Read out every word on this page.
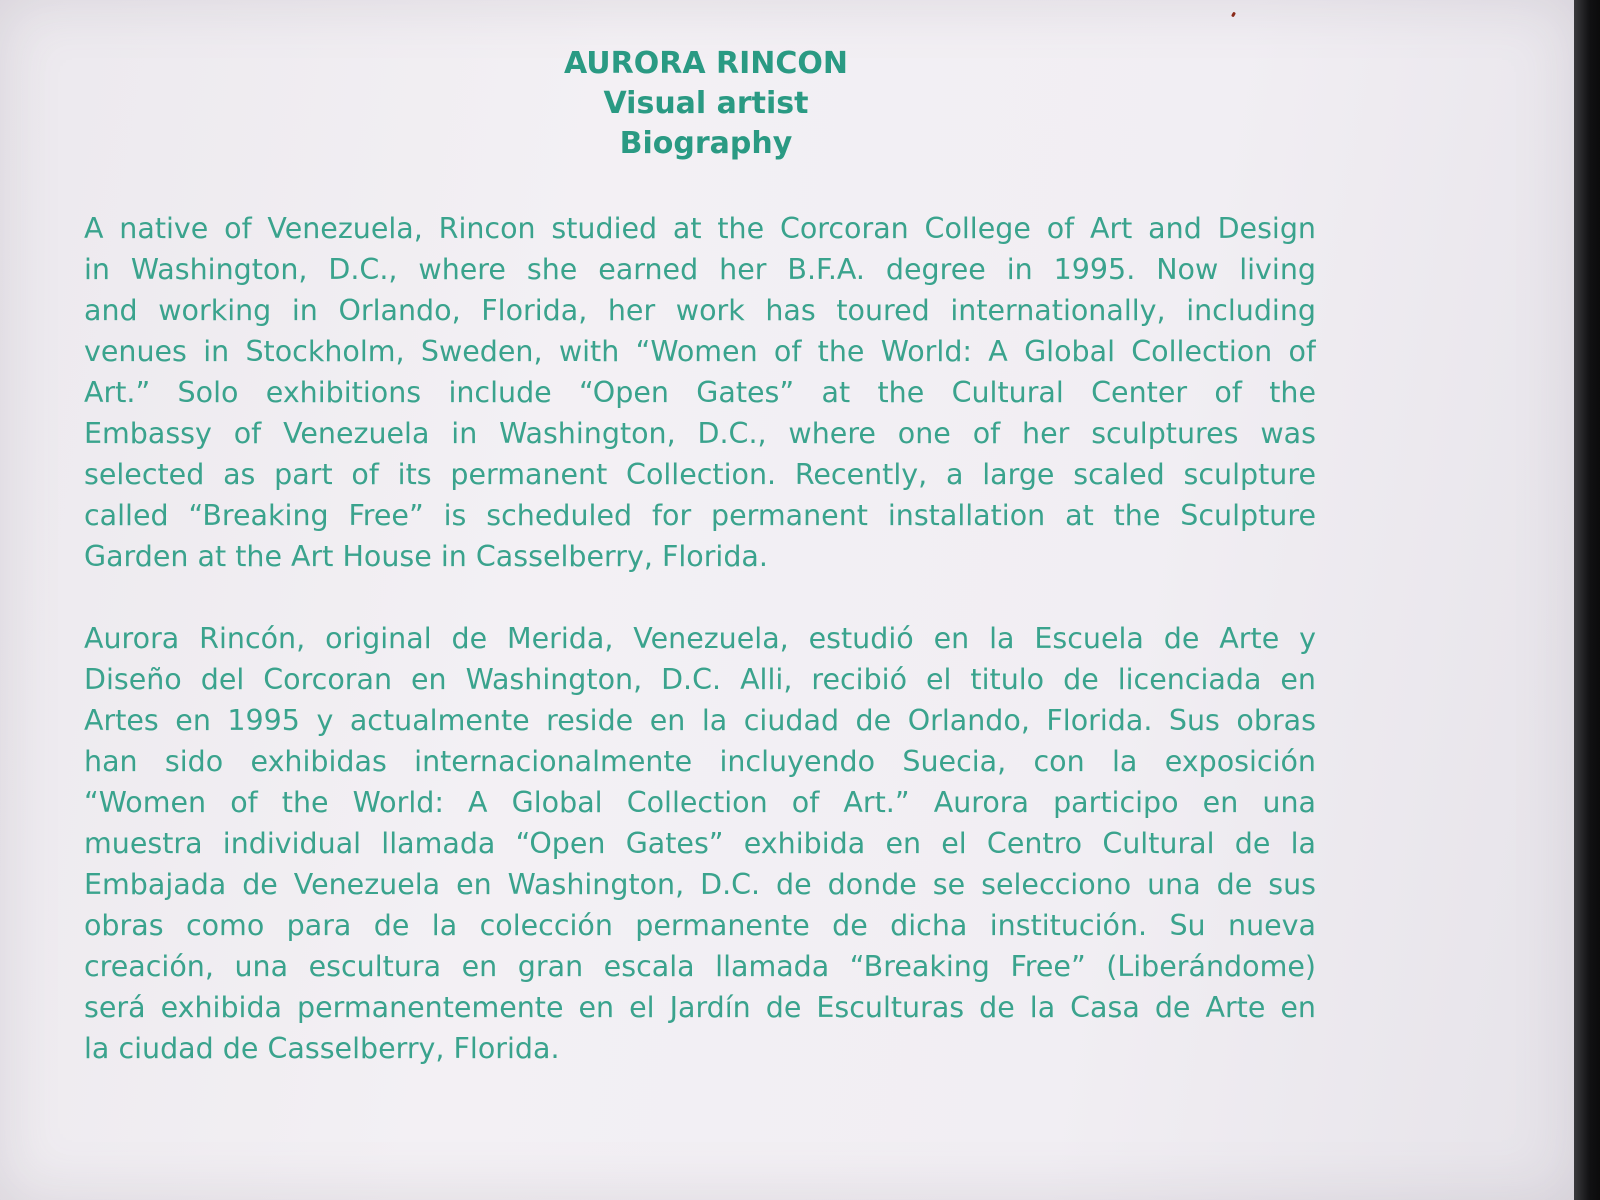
AURORA RINCON
Visual artist
Biography
A native of Venezuela, Rincon studied at the Corcoran College of Art and Design
in Washington, D.C., where she earned her B.F.A. degree in 1995. Now living
and working in Orlando, Florida, her work has toured internationally, including
venues in Stockholm, Sweden, with “Women of the World: A Global Collection of
Art.” Solo exhibitions include “Open Gates” at the Cultural Center of the
Embassy of Venezuela in Washington, D.C., where one of her sculptures was
selected as part of its permanent Collection. Recently, a large scaled sculpture
called “Breaking Free” is scheduled for permanent installation at the Sculpture
Garden at the Art House in Casselberry, Florida.
Aurora Rincón, original de Merida, Venezuela, estudió en la Escuela de Arte y
Diseño del Corcoran en Washington, D.C. Alli, recibió el titulo de licenciada en
Artes en 1995 y actualmente reside en la ciudad de Orlando, Florida. Sus obras
han sido exhibidas internacionalmente incluyendo Suecia, con la exposición
“Women of the World: A Global Collection of Art.” Aurora participo en una
muestra individual llamada “Open Gates” exhibida en el Centro Cultural de la
Embajada de Venezuela en Washington, D.C. de donde se selecciono una de sus
obras como para de la colección permanente de dicha institución. Su nueva
creación, una escultura en gran escala llamada “Breaking Free” (Liberándome)
será exhibida permanentemente en el Jardín de Esculturas de la Casa de Arte en
la ciudad de Casselberry, Florida.
